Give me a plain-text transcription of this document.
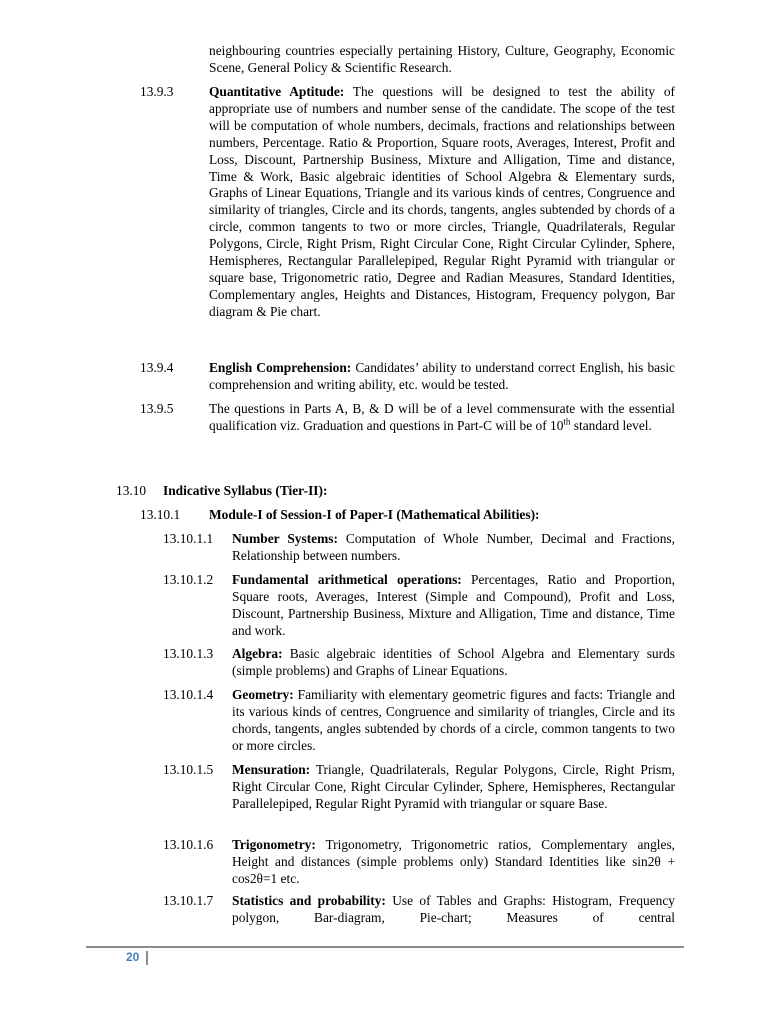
neighbouring countries especially pertaining History, Culture, Geography, Economic Scene, General Policy & Scientific Research.

13.9.3	Quantitative Aptitude: The questions will be designed to test the ability of appropriate use of numbers and number sense of the candidate. The scope of the test will be computation of whole numbers, decimals, fractions and relationships between numbers, Percentage. Ratio & Proportion, Square roots, Averages, Interest, Profit and Loss, Discount, Partnership Business, Mixture and Alligation, Time and distance, Time & Work, Basic algebraic identities of School Algebra & Elementary surds, Graphs of Linear Equations, Triangle and its various kinds of centres, Congruence and similarity of triangles, Circle and its chords, tangents, angles subtended by chords of a circle, common tangents to two or more circles, Triangle, Quadrilaterals, Regular Polygons, Circle, Right Prism, Right Circular Cone, Right Circular Cylinder, Sphere, Hemispheres, Rectangular Parallelepiped, Regular Right Pyramid with triangular or square base, Trigonometric ratio, Degree and Radian Measures, Standard Identities, Complementary angles, Heights and Distances, Histogram, Frequency polygon, Bar diagram & Pie chart.

13.9.4	English Comprehension: Candidates’ ability to understand correct English, his basic comprehension and writing ability, etc. would be tested.

13.9.5	The questions in Parts A, B, & D will be of a level commensurate with the essential qualification viz. Graduation and questions in Part-C will be of 10th standard level.

13.10 Indicative Syllabus (Tier-II):

13.10.1 Module-I of Session-I of Paper-I (Mathematical Abilities):

13.10.1.1 Number Systems: Computation of Whole Number, Decimal and Fractions, Relationship between numbers.

13.10.1.2 Fundamental arithmetical operations: Percentages, Ratio and Proportion, Square roots, Averages, Interest (Simple and Compound), Profit and Loss, Discount, Partnership Business, Mixture and Alligation, Time and distance, Time and work.

13.10.1.3 Algebra: Basic algebraic identities of School Algebra and Elementary surds (simple problems) and Graphs of Linear Equations.

13.10.1.4 Geometry: Familiarity with elementary geometric figures and facts: Triangle and its various kinds of centres, Congruence and similarity of triangles, Circle and its chords, tangents, angles subtended by chords of a circle, common tangents to two or more circles.

13.10.1.5 Mensuration: Triangle, Quadrilaterals, Regular Polygons, Circle, Right Prism, Right Circular Cone, Right Circular Cylinder, Sphere, Hemispheres, Rectangular Parallelepiped, Regular Right Pyramid with triangular or square Base.

13.10.1.6 Trigonometry: Trigonometry, Trigonometric ratios, Complementary angles, Height and distances (simple problems only) Standard Identities like sin2θ + cos2θ=1 etc.

13.10.1.7 Statistics and probability: Use of Tables and Graphs: Histogram, Frequency polygon, Bar-diagram, Pie-chart; Measures of central

20
